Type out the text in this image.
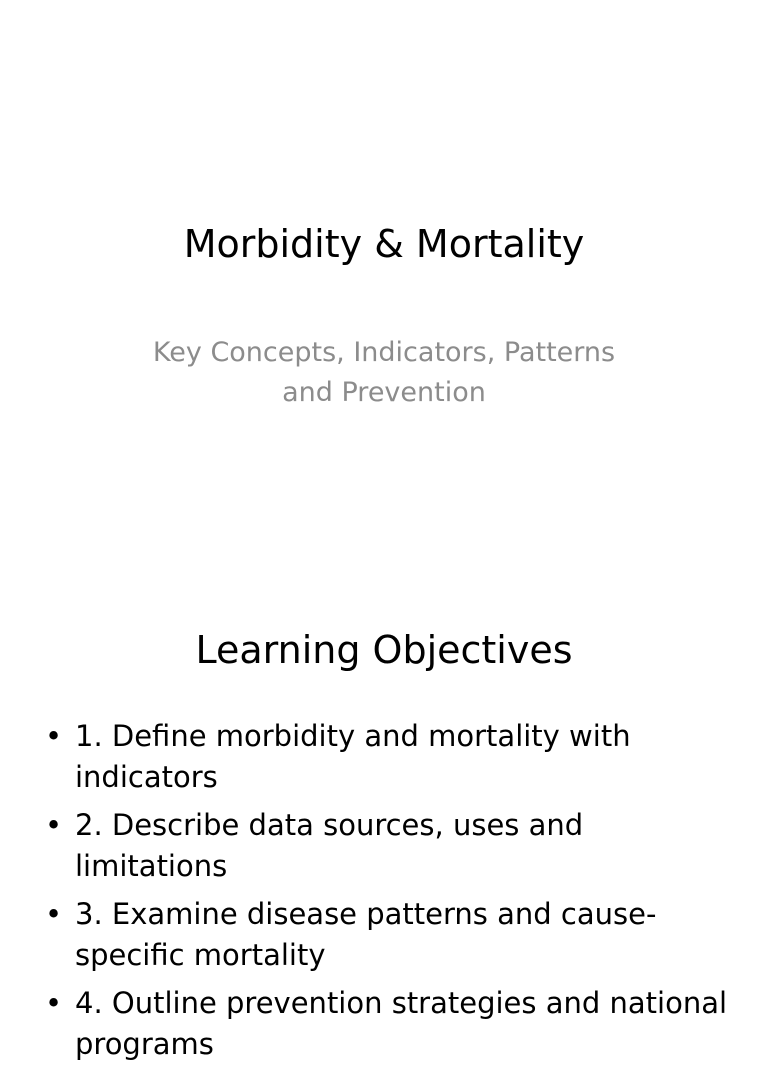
Morbidity & Mortality
Key Concepts, Indicators, Patterns
and Prevention
Learning Objectives
• 1. Define morbidity and mortality with indicators
• 2. Describe data sources, uses and limitations
• 3. Examine disease patterns and cause-specific mortality
• 4. Outline prevention strategies and national programs
